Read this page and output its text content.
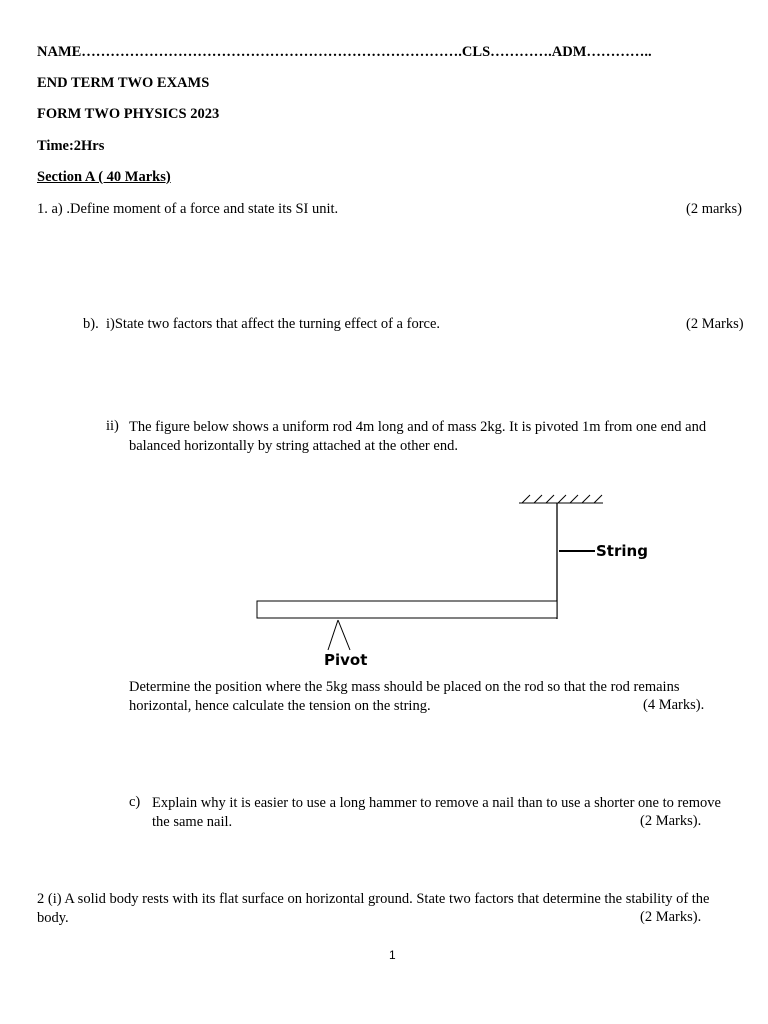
NAME…………………………………………………………………….CLS………….ADM…………..
END TERM TWO EXAMS
FORM TWO PHYSICS 2023
Time:2Hrs
Section A ( 40 Marks)
1. a) .Define moment of a force and state its SI unit.	(2 marks)
b). i)State two factors that affect the turning effect of a force.	(2 Marks)
ii) The figure below shows a uniform rod 4m long and of mass 2kg. It is pivoted 1m from one end and balanced horizontally by string attached at the other end.
String
Pivot
Determine the position where the 5kg mass should be placed on the rod so that the rod remains horizontal, hence calculate the tension on the string.	(4 Marks).
c) Explain why it is easier to use a long hammer to remove a nail than to use a shorter one to remove the same nail.	(2 Marks).
2 (i) A solid body rests with its flat surface on horizontal ground. State two factors that determine the stability of the body.	(2 Marks).
1
